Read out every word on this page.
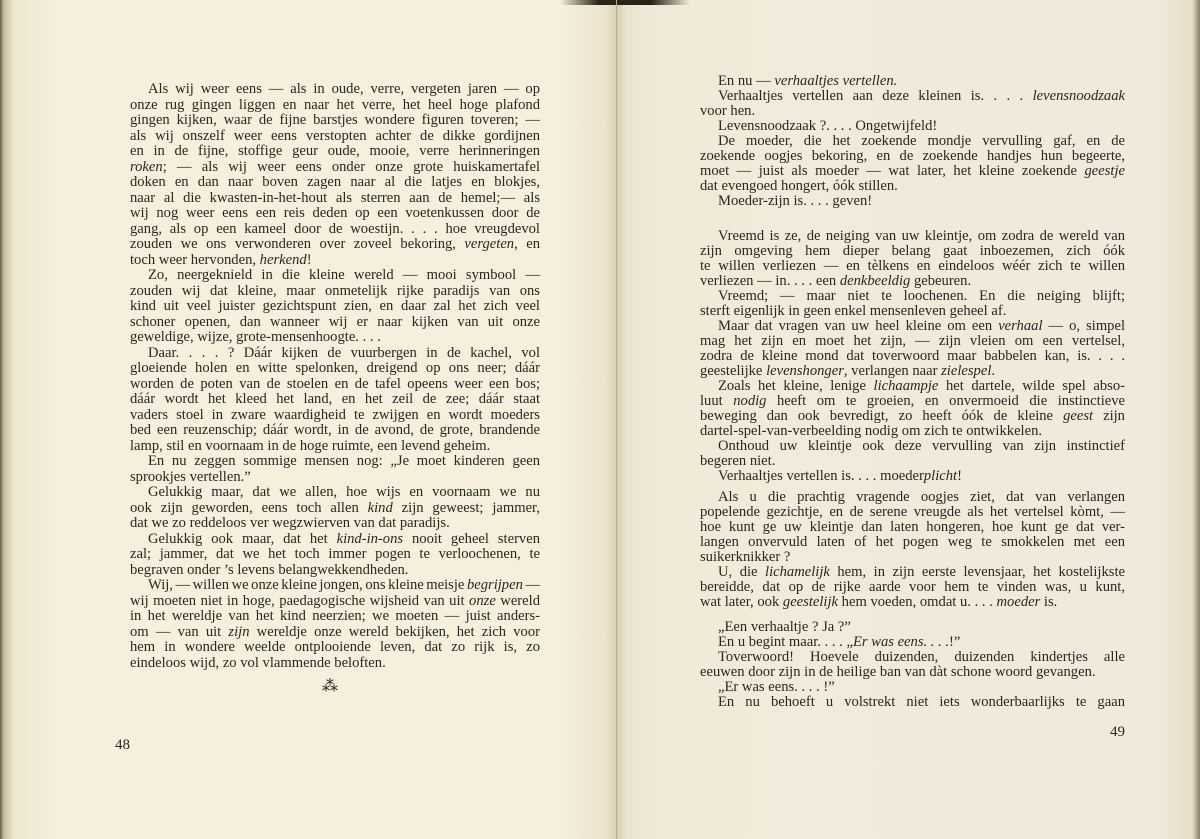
Als wij weer eens — als in oude, verre, vergeten jaren — op
onze rug gingen liggen en naar het verre, het heel hoge plafond
gingen kijken, waar de fijne barstjes wondere figuren toveren; —
als wij onszelf weer eens verstopten achter de dikke gordijnen
en in de fijne, stoffige geur oude, mooie, verre herinneringen
roken; — als wij weer eens onder onze grote huiskamertafel
doken en dan naar boven zagen naar al die latjes en blokjes,
naar al die kwasten-in-het-hout als sterren aan de hemel;— als
wij nog weer eens een reis deden op een voetenkussen door de
gang, als op een kameel door de woestijn. . . . hoe vreugdevol
zouden we ons verwonderen over zoveel bekoring, vergeten, en
toch weer hervonden, herkend!
Zo, neergeknield in die kleine wereld — mooi symbool —
zouden wij dat kleine, maar onmetelijk rijke paradijs van ons
kind uit veel juister gezichtspunt zien, en daar zal het zich veel
schoner openen, dan wanneer wij er naar kijken van uit onze
geweldige, wijze, grote-mensenhoogte. . . .
Daar. . . . ? Dáár kijken de vuurbergen in de kachel, vol
gloeiende holen en witte spelonken, dreigend op ons neer; dáár
worden de poten van de stoelen en de tafel opeens weer een bos;
dáár wordt het kleed het land, en het zeil de zee; dáár staat
vaders stoel in zware waardigheid te zwijgen en wordt moeders
bed een reuzenschip; dáár wordt, in de avond, de grote, brandende
lamp, stil en voornaam in de hoge ruimte, een levend geheim.
En nu zeggen sommige mensen nog: „Je moet kinderen geen
sprookjes vertellen.”
Gelukkig maar, dat we allen, hoe wijs en voornaam we nu
ook zijn geworden, eens toch allen kind zijn geweest; jammer,
dat we zo reddeloos ver wegzwierven van dat paradijs.
Gelukkig ook maar, dat het kind-in-ons nooit geheel sterven
zal; jammer, dat we het toch immer pogen te verloochenen, te
begraven onder ’s levens belangwekkendheden.
Wij, — willen we onze kleine jongen, ons kleine meisje begrijpen —
wij moeten niet in hoge, paedagogische wijsheid van uit onze wereld
in het wereldje van het kind neerzien; we moeten — juist anders-
om — van uit zijn wereldje onze wereld bekijken, het zich voor
hem in wondere weelde ontplooiende leven, dat zo rijk is, zo
eindeloos wijd, zo vol vlammende beloften.
⁂
48
En nu — verhaaltjes vertellen.
Verhaaltjes vertellen aan deze kleinen is. . . . levensnoodzaak
voor hen.
Levensnoodzaak ?. . . . Ongetwijfeld!
De moeder, die het zoekende mondje vervulling gaf, en de
zoekende oogjes bekoring, en de zoekende handjes hun begeerte,
moet — juist als moeder — wat later, het kleine zoekende geestje
dat evengoed hongert, óók stillen.
Moeder-zijn is. . . . geven!
Vreemd is ze, de neiging van uw kleintje, om zodra de wereld van
zijn omgeving hem dieper belang gaat inboezemen, zich óók
te willen verliezen — en tèlkens en eindeloos wéér zich te willen
verliezen — in. . . . een denkbeeldig gebeuren.
Vreemd; — maar niet te loochenen. En die neiging blijft;
sterft eigenlijk in geen enkel mensenleven geheel af.
Maar dat vragen van uw heel kleine om een verhaal — o, simpel
mag het zijn en moet het zijn, — zijn vleien om een vertelsel,
zodra de kleine mond dat toverwoord maar babbelen kan, is. . . .
geestelijke levenshonger, verlangen naar zielespel.
Zoals het kleine, lenige lichaampje het dartele, wilde spel abso-
luut nodig heeft om te groeien, en onvermoeid die instinctieve
beweging dan ook bevredigt, zo heeft óók de kleine geest zijn
dartel-spel-van-verbeelding nodig om zich te ontwikkelen.
Onthoud uw kleintje ook deze vervulling van zijn instinctief
begeren niet.
Verhaaltjes vertellen is. . . . moederplicht!
Als u die prachtig vragende oogjes ziet, dat van verlangen
popelende gezichtje, en de serene vreugde als het vertelsel kòmt, —
hoe kunt ge uw kleintje dan laten hongeren, hoe kunt ge dat ver-
langen onvervuld laten of het pogen weg te smokkelen met een
suikerknikker ?
U, die lichamelijk hem, in zijn eerste levensjaar, het kostelijkste
bereidde, dat op de rijke aarde voor hem te vinden was, u kunt,
wat later, ook geestelijk hem voeden, omdat u. . . . moeder is.
„Een verhaaltje ? Ja ?”
En u begint maar. . . . „Er was eens. . . .!”
Toverwoord! Hoevele duizenden, duizenden kindertjes alle
eeuwen door zijn in de heilige ban van dàt schone woord gevangen.
„Er was eens. . . . !”
En nu behoeft u volstrekt niet iets wonderbaarlijks te gaan
49
